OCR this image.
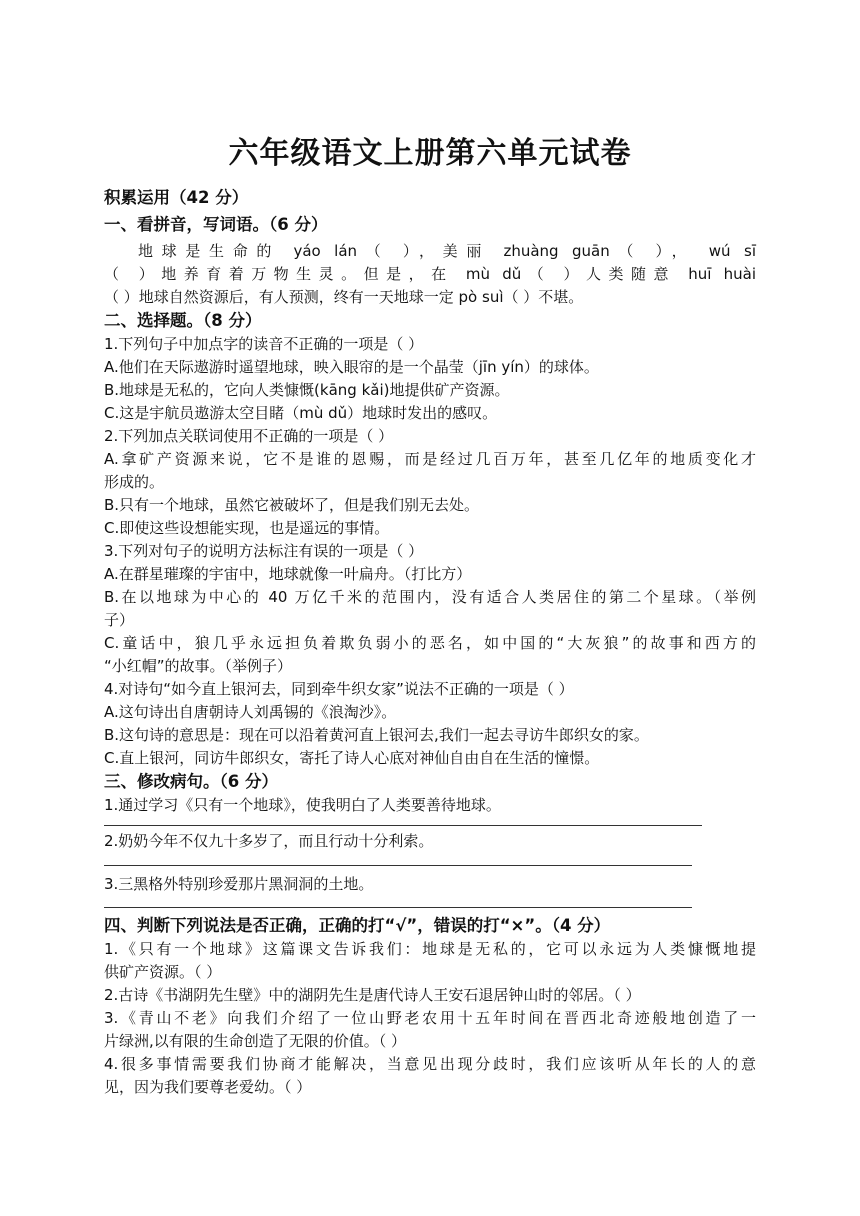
六年级语文上册第六单元试卷
积累运用（42 分）
一、看拼音，写词语。（6 分）
地球是生命的 yáo lán（ ），美丽 zhuàng guān（ ）， wú sī
（ ）地养育着万物生灵。但是，在 mù dǔ（ ）人类随意 huī huài
（ ）地球自然资源后，有人预测，终有一天地球一定 pò suì（ ）不堪。
二、选择题。（8 分）
1.下列句子中加点字的读音不正确的一项是（ ）
A.他们在天际遨游时遥望地球，映入眼帘的是一个晶莹（jīn yín）的球体。
B.地球是无私的，它向人类慷慨(kāng kǎi)地提供矿产资源。
C.这是宇航员遨游太空目睹（mù dǔ）地球时发出的感叹。
2.下列加点关联词使用不正确的一项是（ ）
A.拿矿产资源来说，它不是谁的恩赐，而是经过几百万年，甚至几亿年的地质变化才
形成的。
B.只有一个地球，虽然它被破坏了，但是我们别无去处。
C.即使这些设想能实现，也是遥远的事情。
3.下列对句子的说明方法标注有误的一项是（ ）
A.在群星璀璨的宇宙中，地球就像一叶扁舟。（打比方）
B.在以地球为中心的 40 万亿千米的范围内，没有适合人类居住的第二个星球。（举例
子）
C.童话中，狼几乎永远担负着欺负弱小的恶名，如中国的“大灰狼”的故事和西方的
“小红帽”的故事。（举例子）
4.对诗句“如今直上银河去，同到牵牛织女家”说法不正确的一项是（ ）
A.这句诗出自唐朝诗人刘禹锡的《浪淘沙》。
B.这句诗的意思是：现在可以沿着黄河直上银河去,我们一起去寻访牛郎织女的家。
C.直上银河，同访牛郎织女，寄托了诗人心底对神仙自由自在生活的憧憬。
三、修改病句。（6 分）
1.通过学习《只有一个地球》，使我明白了人类要善待地球。
2.奶奶今年不仅九十多岁了，而且行动十分利索。
3.三黑格外特别珍爱那片黑洞洞的土地。
四、判断下列说法是否正确，正确的打“√”，错误的打“×”。（4 分）
1.《只有一个地球》这篇课文告诉我们：地球是无私的，它可以永远为人类慷慨地提
供矿产资源。（ ）
2.古诗《书湖阴先生壁》中的湖阴先生是唐代诗人王安石退居钟山时的邻居。（ ）
3.《青山不老》向我们介绍了一位山野老农用十五年时间在晋西北奇迹般地创造了一
片绿洲,以有限的生命创造了无限的价值。（ ）
4.很多事情需要我们协商才能解决，当意见出现分歧时，我们应该听从年长的人的意
见，因为我们要尊老爱幼。（ ）
